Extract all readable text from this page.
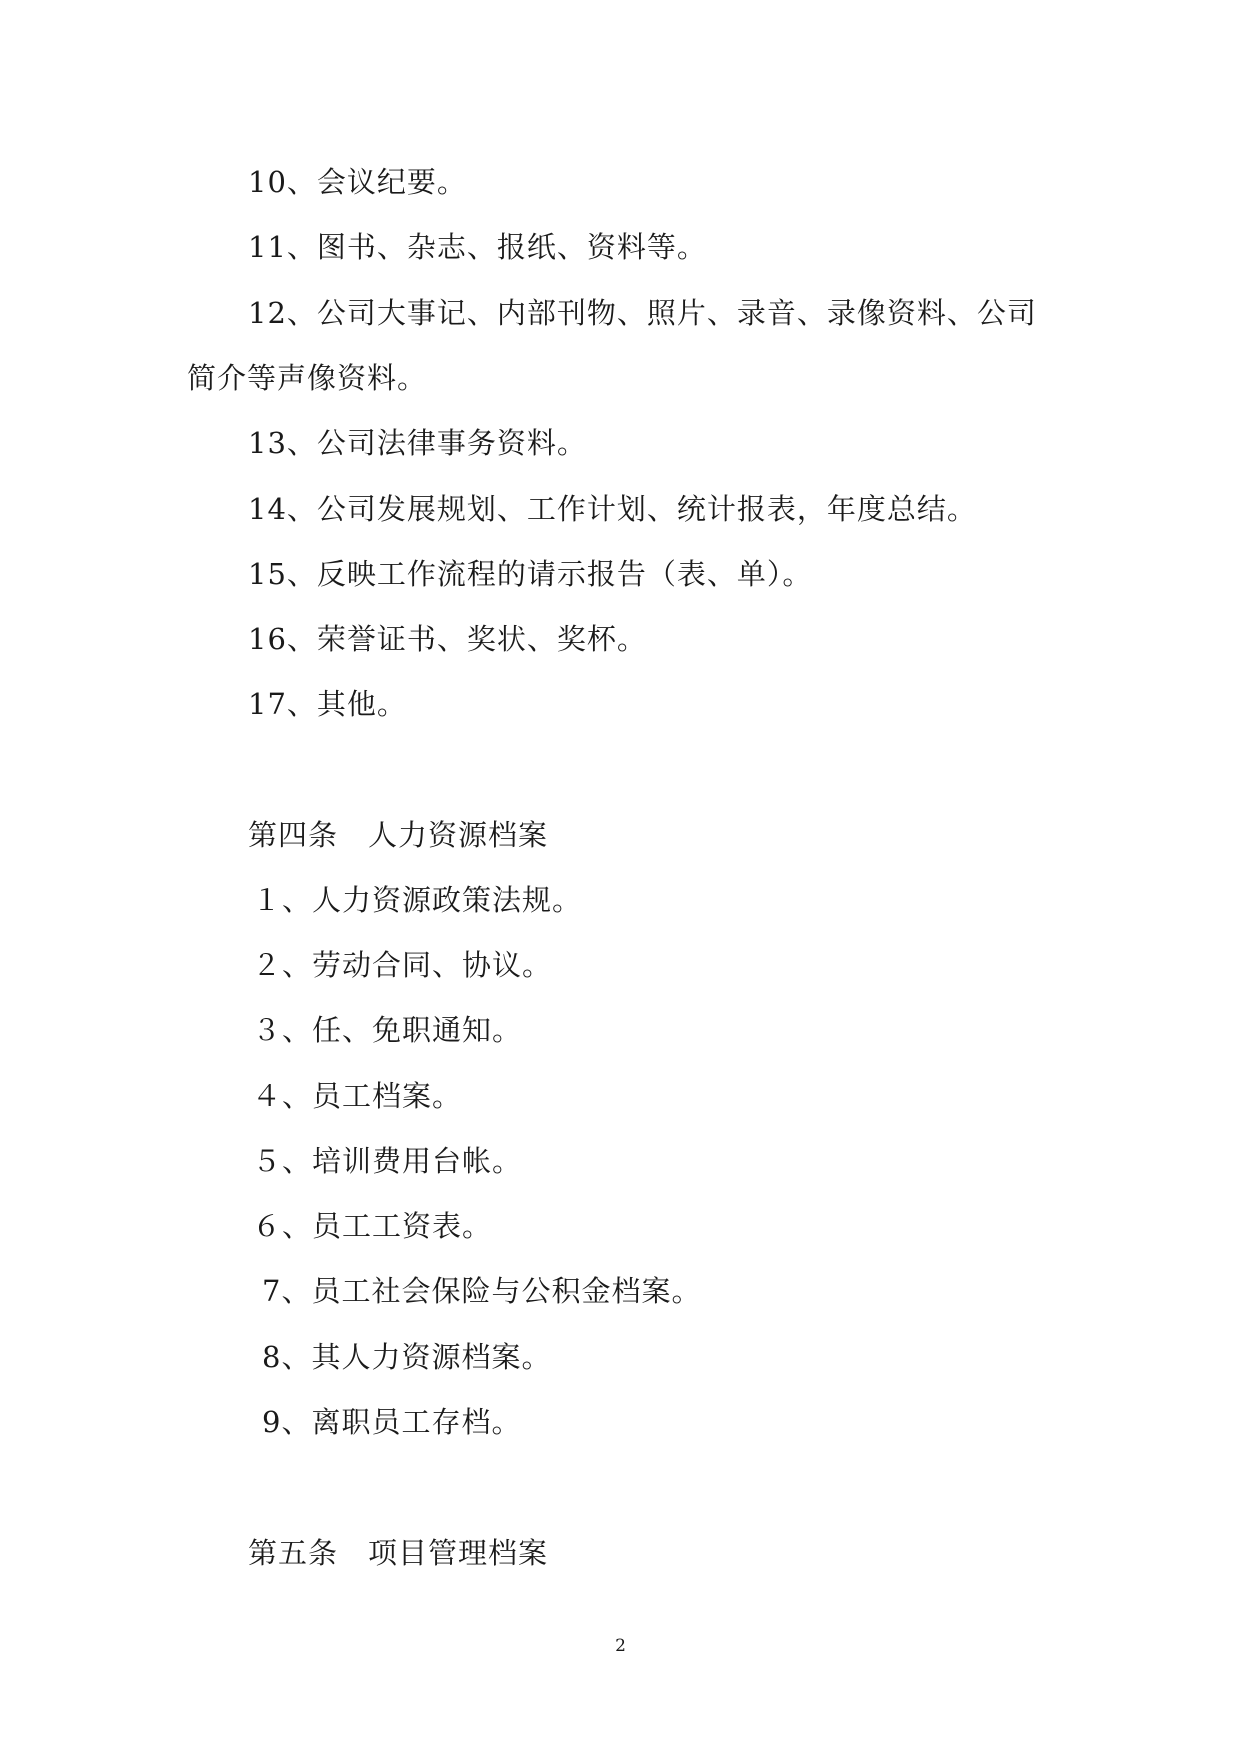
10、会议纪要。
11、图书、杂志、报纸、资料等。
12、公司大事记、内部刊物、照片、录音、录像资料、公司
简介等声像资料。
13、公司法律事务资料。
14、公司发展规划、工作计划、统计报表，年度总结。
15、反映工作流程的请示报告（表、单）。
16、荣誉证书、奖状、奖杯。
17、其他。
第四条　人力资源档案
１、人力资源政策法规。
２、劳动合同、协议。
３、任、免职通知。
４、员工档案。
５、培训费用台帐。
６、员工工资表。
7、员工社会保险与公积金档案。
8、其人力资源档案。
9、离职员工存档。
第五条　项目管理档案
2
